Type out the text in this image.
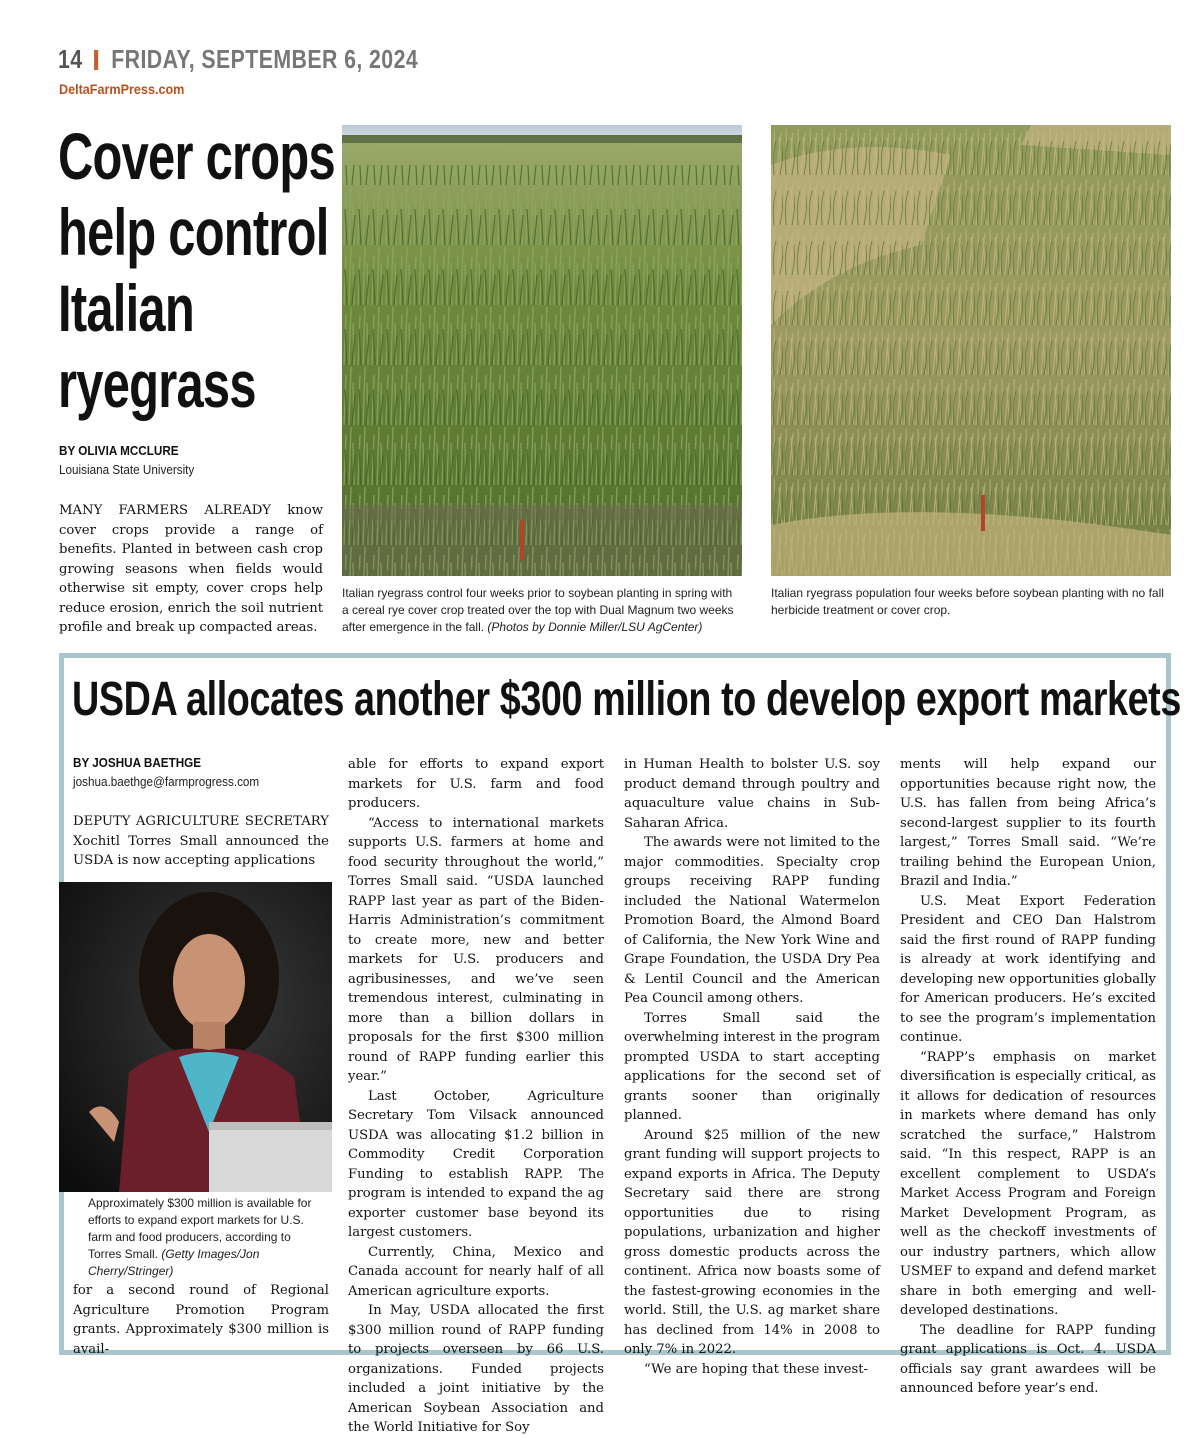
14 FRIDAY, SEPTEMBER 6, 2024
DeltaFarmPress.com
Cover crops help control Italian ryegrass
BY OLIVIA MCCLURE
Louisiana State University
MANY FARMERS ALREADY know cover crops provide a range of benefits. Planted in between cash crop growing seasons when fields would otherwise sit empty, cover crops help reduce erosion, enrich the soil nutrient profile and break up compacted areas.
Italian ryegrass control four weeks prior to soybean planting in spring with a cereal rye cover crop treated over the top with Dual Magnum two weeks after emergence in the fall. (Photos by Donnie Miller/LSU AgCenter)
Italian ryegrass population four weeks before soybean planting with no fall herbicide treatment or cover crop.
USDA allocates another $300 million to develop export markets
BY JOSHUA BAETHGE
joshua.baethge@farmprogress.com

DEPUTY AGRICULTURE SECRETARY Xochitl Torres Small announced the USDA is now accepting applications

Approximately $300 million is available for efforts to expand export markets for U.S. farm and food producers, according to Torres Small. (Getty Images/Jon Cherry/Stringer)

for a second round of Regional Agriculture Promotion Program grants. Approximately $300 million is avail-

able for efforts to expand export markets for U.S. farm and food producers.

“Access to international markets supports U.S. farmers at home and food security throughout the world,” Torres Small said. “USDA launched RAPP last year as part of the Biden-Harris Administration’s commitment to create more, new and better markets for U.S. producers and agribusinesses, and we’ve seen tremendous interest, culminating in more than a billion dollars in proposals for the first $300 million round of RAPP funding earlier this year.”

Last October, Agriculture Secretary Tom Vilsack announced USDA was allocating $1.2 billion in Commodity Credit Corporation Funding to establish RAPP. The program is intended to expand the ag exporter customer base beyond its largest customers.

Currently, China, Mexico and Canada account for nearly half of all American agriculture exports.

In May, USDA allocated the first $300 million round of RAPP funding to projects overseen by 66 U.S. organizations. Funded projects included a joint initiative by the American Soybean Association and the World Initiative for Soy

in Human Health to bolster U.S. soy product demand through poultry and aquaculture value chains in Sub-Saharan Africa.

The awards were not limited to the major commodities. Specialty crop groups receiving RAPP funding included the National Watermelon Promotion Board, the Almond Board of California, the New York Wine and Grape Foundation, the USDA Dry Pea & Lentil Council and the American Pea Council among others.

Torres Small said the overwhelming interest in the program prompted USDA to start accepting applications for the second set of grants sooner than originally planned.

Around $25 million of the new grant funding will support projects to expand exports in Africa. The Deputy Secretary said there are strong opportunities due to rising populations, urbanization and higher gross domestic products across the continent. Africa now boasts some of the fastest-growing economies in the world. Still, the U.S. ag market share has declined from 14% in 2008 to only 7% in 2022.

“We are hoping that these invest-

ments will help expand our opportunities because right now, the U.S. has fallen from being Africa’s second-largest supplier to its fourth largest,” Torres Small said. “We’re trailing behind the European Union, Brazil and India.”

U.S. Meat Export Federation President and CEO Dan Halstrom said the first round of RAPP funding is already at work identifying and developing new opportunities globally for American producers. He’s excited to see the program’s implementation continue.

“RAPP’s emphasis on market diversification is especially critical, as it allows for dedication of resources in markets where demand has only scratched the surface,” Halstrom said. “In this respect, RAPP is an excellent complement to USDA’s Market Access Program and Foreign Market Development Program, as well as the checkoff investments of our industry partners, which allow USMEF to expand and defend market share in both emerging and well-developed destinations.

The deadline for RAPP funding grant applications is Oct. 4. USDA officials say grant awardees will be announced before year’s end.
